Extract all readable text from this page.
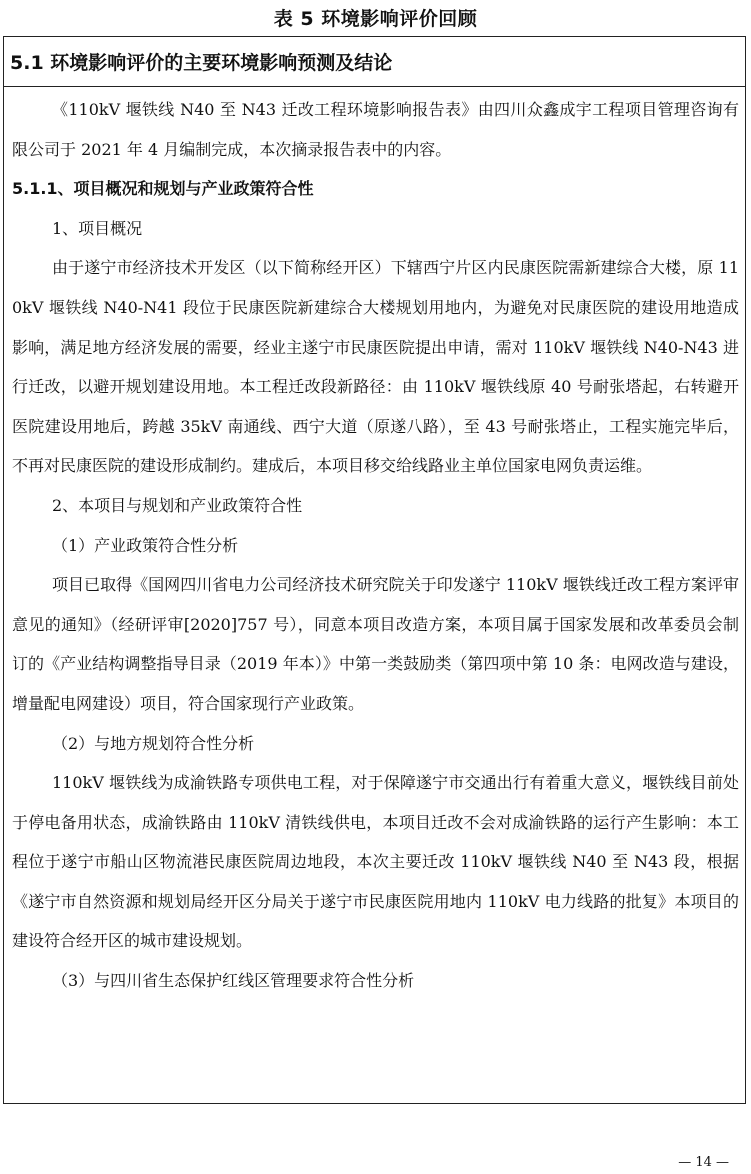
表 5 环境影响评价回顾
5.1 环境影响评价的主要环境影响预测及结论

《110kV 堰铁线 N40 至 N43 迁改工程环境影响报告表》由四川众鑫成宇工程项目管理咨询有限公司于 2021 年 4 月编制完成，本次摘录报告表中的内容。

5.1.1、项目概况和规划与产业政策符合性

1、项目概况

由于遂宁市经济技术开发区（以下简称经开区）下辖西宁片区内民康医院需新建综合大楼，原 110kV 堰铁线 N40-N41 段位于民康医院新建综合大楼规划用地内，为避免对民康医院的建设用地造成影响，满足地方经济发展的需要，经业主遂宁市民康医院提出申请，需对 110kV 堰铁线 N40-N43 进行迁改，以避开规划建设用地。本工程迁改段新路径：由 110kV 堰铁线原 40 号耐张塔起，右转避开医院建设用地后，跨越 35kV 南通线、西宁大道（原遂八路），至 43 号耐张塔止，工程实施完毕后，不再对民康医院的建设形成制约。建成后，本项目移交给线路业主单位国家电网负责运维。

2、本项目与规划和产业政策符合性

（1）产业政策符合性分析

项目已取得《国网四川省电力公司经济技术研究院关于印发遂宁 110kV 堰铁线迁改工程方案评审意见的通知》（经研评审[2020]757 号），同意本项目改造方案，本项目属于国家发展和改革委员会制订的《产业结构调整指导目录（2019 年本）》中第一类鼓励类（第四项中第 10 条：电网改造与建设，增量配电网建设）项目，符合国家现行产业政策。

（2）与地方规划符合性分析

110kV 堰铁线为成渝铁路专项供电工程，对于保障遂宁市交通出行有着重大意义，堰铁线目前处于停电备用状态，成渝铁路由 110kV 清铁线供电，本项目迁改不会对成渝铁路的运行产生影响：本工程位于遂宁市船山区物流港民康医院周边地段，本次主要迁改 110kV 堰铁线 N40 至 N43 段，根据《遂宁市自然资源和规划局经开区分局关于遂宁市民康医院用地内 110kV 电力线路的批复》本项目的建设符合经开区的城市建设规划。

（3）与四川省生态保护红线区管理要求符合性分析

— 14 —
